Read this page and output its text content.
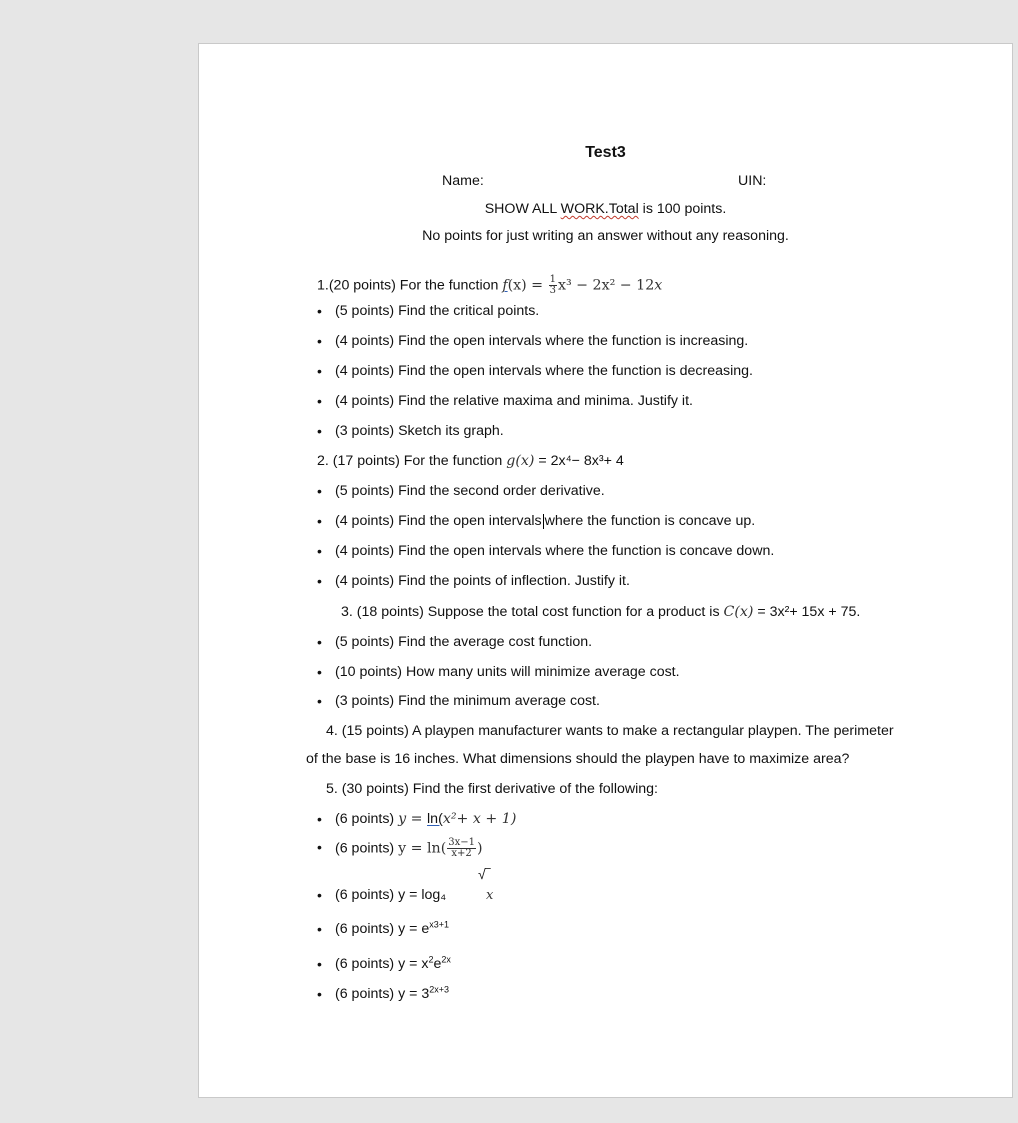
Test3
Name:	UIN:
SHOW ALL WORK.Total is 100 points.
No points for just writing an answer without any reasoning.
1.(20 points) For the function $f(x) = \frac{1}{3} x^3 - 2x^2 - 12x$
• (5 points) Find the critical points.
• (4 points) Find the open intervals where the function is increasing.
• (4 points) Find the open intervals where the function is decreasing.
• (4 points) Find the relative maxima and minima. Justify it.
• (3 points) Sketch its graph.
2. (17 points) For the function g(x) = 2x⁴− 8x³+ 4
• (5 points) Find the second order derivative.
• (4 points) Find the open intervals where the function is concave up.
• (4 points) Find the open intervals where the function is concave down.
• (4 points) Find the points of inflection. Justify it.
3. (18 points) Suppose the total cost function for a product is C(x) = 3x²+ 15x + 75.
• (5 points) Find the average cost function.
• (10 points) How many units will minimize average cost.
• (3 points) Find the minimum average cost.
4. (15 points) A playpen manufacturer wants to make a rectangular playpen. The perimeter
of the base is 16 inches. What dimensions should the playpen have to maximize area?
5. (30 points) Find the first derivative of the following:
• (6 points) y = ln(x²+ x + 1)
• (6 points) $y = \ln( \frac{3x-1}{x+2}$ )
√‾
• (6 points) y = log₄	x
• (6 points) $y = e^{x3+1}$
• (6 points) $y = x^2e^{2x}$
• (6 points) $y = 3^{2x+3}$
